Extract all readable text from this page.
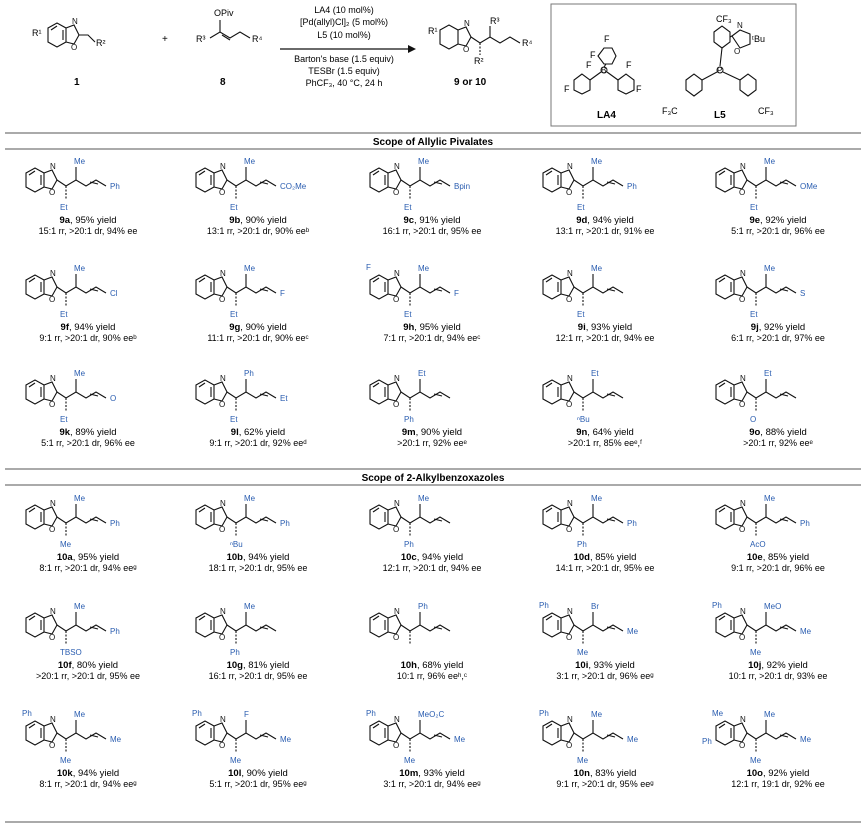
N
O
R¹
R²
1
+
OPiv
R³	R⁴
8
LA4 (10 mol%)
[Pd(allyl)Cl]₂ (5 mol%)
L5 (10 mol%)
Barton's base (1.5 equiv)
TESBr (1.5 equiv)
PhCF₃, 40 °C, 24 h
N
O
R¹
R³
R⁴
R²
9 or 10
B
F
F	F
F
F	F
LA4
CF₃
F₃C	CF₃
P
N
O
ᵗBu
L5
Scope of Allylic Pivalates
Scope of 2-Alkylbenzoxazoles
N
O
Me
Et
Ph
9a, 95% yield
15:1 rr, >20:1 dr, 94% ee
N
O
Me
Et
CO₂Me
9b, 90% yield
13:1 rr, >20:1 dr, 90% eeᵇ
N
O
Me
Et
Bpin
9c, 91% yield
16:1 rr, >20:1 dr, 95% ee
N
O
Me
Et
Ph
9d, 94% yield
13:1 rr, >20:1 dr, 91% ee
N
O
Me
Et
OMe
9e, 92% yield
5:1 rr, >20:1 dr, 96% ee
N
O
Me
Et
Cl
9f, 94% yield
9:1 rr, >20:1 dr, 90% eeᵇ
N
O
Me
Et
F
9g, 90% yield
11:1 rr, >20:1 dr, 90% eeᶜ
N
O
Me
Et
F
F
9h, 95% yield
7:1 rr, >20:1 dr, 94% eeᶜ
N
O
Me
Et
9i, 93% yield
12:1 rr, >20:1 dr, 94% ee
N
O
Me
Et
S
9j, 92% yield
6:1 rr, >20:1 dr, 97% ee
N
O
Me
Et
O
9k, 89% yield
5:1 rr, >20:1 dr, 96% ee
N
O
Ph
Et
Et
9l, 62% yield
9:1 rr, >20:1 dr, 92% eeᵈ
N
O
Et
Ph
9m, 90% yield
>20:1 rr, 92% eeᵉ
N
O
Et
ⁿBu
9n, 64% yield
>20:1 rr, 85% eeᵉ,ᶠ
N
O
Et
O
9o, 88% yield
>20:1 rr, 92% eeᵉ
N
O
Me
Me
Ph
10a, 95% yield
8:1 rr, >20:1 dr, 94% eeᵍ
N
O
Me
ⁿBu
Ph
10b, 94% yield
18:1 rr, >20:1 dr, 95% ee
N
O
Me
Ph
10c, 94% yield
12:1 rr, >20:1 dr, 94% ee
N
O
Me
Ph
Ph
10d, 85% yield
14:1 rr, >20:1 dr, 95% ee
N
O
Me
AcO
Ph
10e, 85% yield
9:1 rr, >20:1 dr, 96% ee
N
O
Me
TBSO
Ph
10f, 80% yield
>20:1 rr, >20:1 dr, 95% ee
N
O
Me
Ph
10g, 81% yield
16:1 rr, >20:1 dr, 95% ee
N
O
Ph
10h, 68% yield
10:1 rr, 96% eeʰ,ᶜ
N
O
Br
Me
Me
Ph
10i, 93% yield
3:1 rr, >20:1 dr, 96% eeᵍ
N
O
MeO
Me
Me
Ph
10j, 92% yield
10:1 rr, >20:1 dr, 93% ee
N
O
Me
Me
Me
Ph
10k, 94% yield
8:1 rr, >20:1 dr, 94% eeᵍ
N
O
F
Me
Me
Ph
10l, 90% yield
5:1 rr, >20:1 dr, 95% eeᵍ
N
O
MeO₂C
Me
Me
Ph
10m, 93% yield
3:1 rr, >20:1 dr, 94% eeᵍ
N
O
Me
Me
Me
Ph
10n, 83% yield
9:1 rr, >20:1 dr, 95% eeᵍ
N
O
Me
Me
Me
Me
Ph
10o, 92% yield
12:1 rr, 19:1 dr, 92% ee
